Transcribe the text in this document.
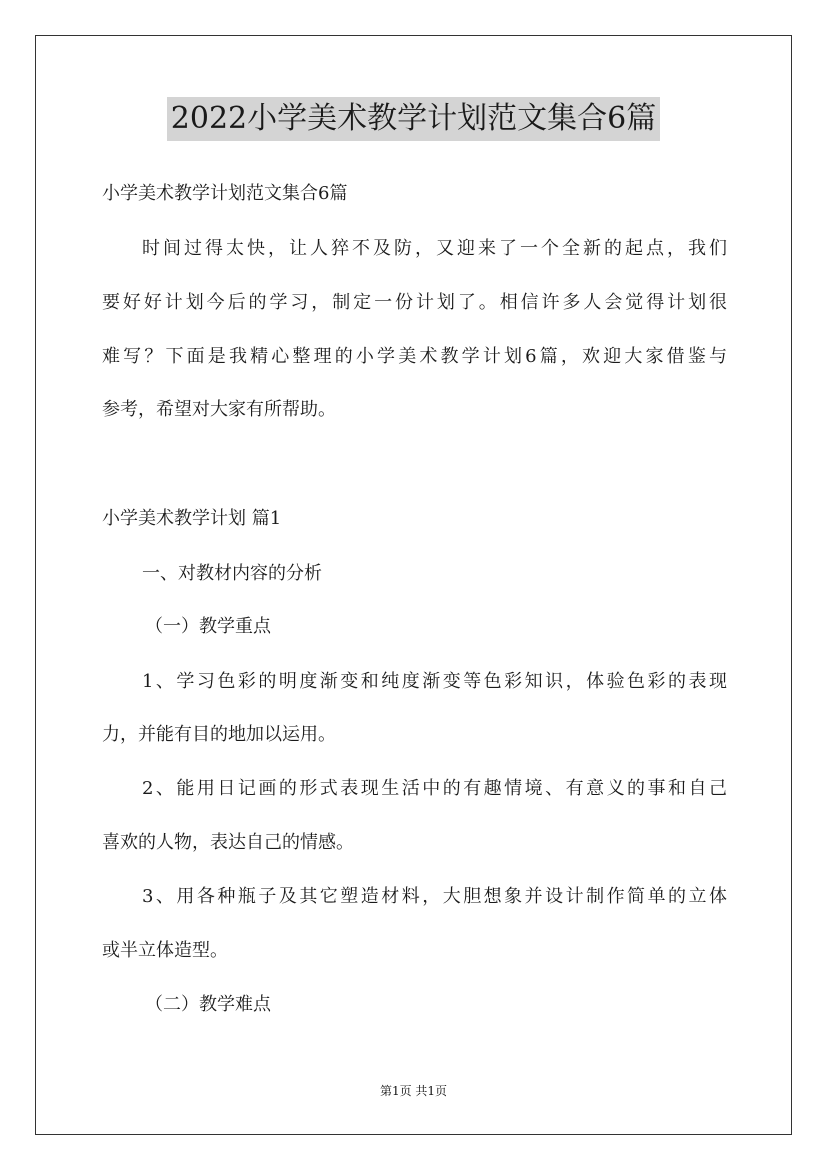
2022小学美术教学计划范文集合6篇
小学美术教学计划范文集合6篇
时间过得太快，让人猝不及防，又迎来了一个全新的起点，我们
要好好计划今后的学习，制定一份计划了。相信许多人会觉得计划很
难写？下面是我精心整理的小学美术教学计划6篇，欢迎大家借鉴与
参考，希望对大家有所帮助。
小学美术教学计划 篇1
一、对教材内容的分析
（一）教学重点
1、学习色彩的明度渐变和纯度渐变等色彩知识，体验色彩的表现
力，并能有目的地加以运用。
2、能用日记画的形式表现生活中的有趣情境、有意义的事和自己
喜欢的人物，表达自己的情感。
3、用各种瓶子及其它塑造材料，大胆想象并设计制作简单的立体
或半立体造型。
（二）教学难点
第1页 共1页
